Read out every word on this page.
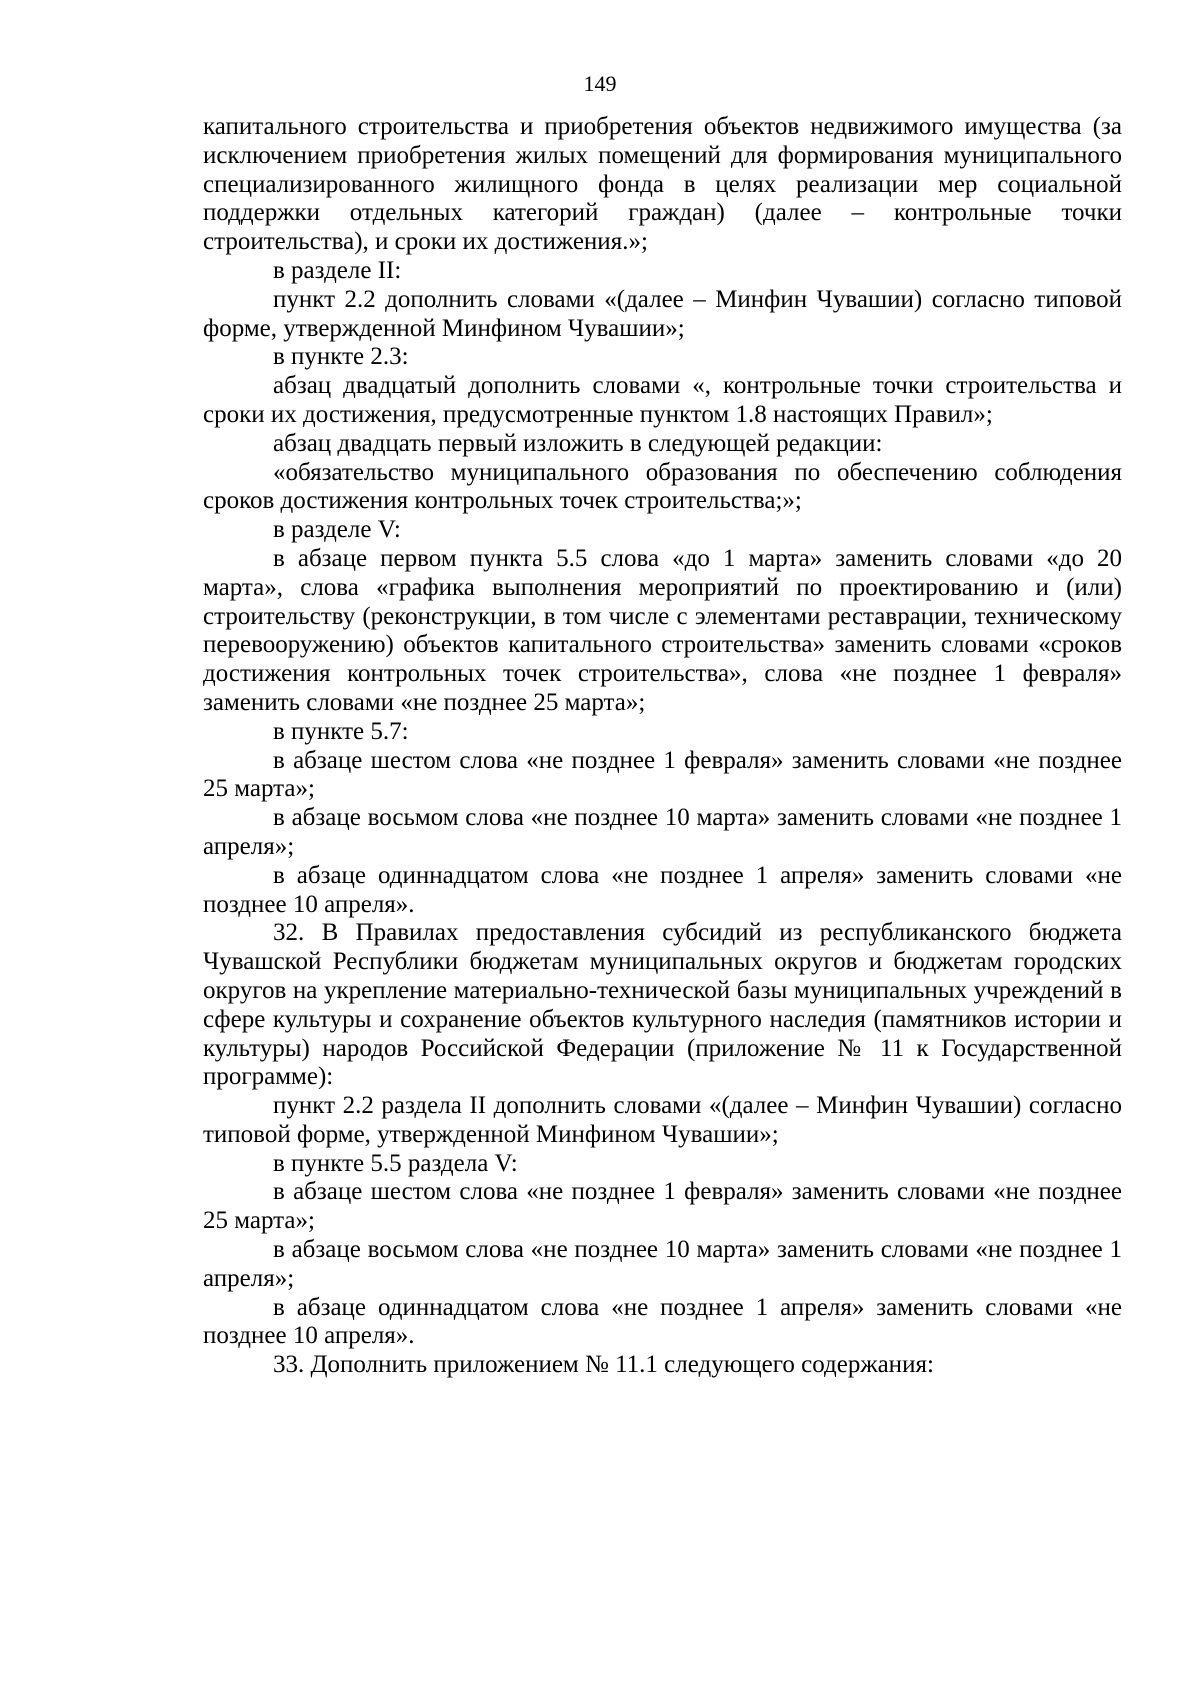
149

капитального строительства и приобретения объектов недвижимого имущества (за исключением приобретения жилых помещений для формирования муниципального специализированного жилищного фонда в целях реализации мер социальной поддержки отдельных категорий граждан) (далее – контрольные точки строительства), и сроки их достижения.»;

в разделе II:

пункт 2.2 дополнить словами «(далее – Минфин Чувашии) согласно типовой форме, утвержденной Минфином Чувашии»;

в пункте 2.3:

абзац двадцатый дополнить словами «, контрольные точки строительства и сроки их достижения, предусмотренные пунктом 1.8 настоящих Правил»;

абзац двадцать первый изложить в следующей редакции:

«обязательство муниципального образования по обеспечению соблюдения сроков достижения контрольных точек строительства;»;

в разделе V:

в абзаце первом пункта 5.5 слова «до 1 марта» заменить словами «до 20 марта», слова «графика выполнения мероприятий по проектированию и (или) строительству (реконструкции, в том числе с элементами реставрации, техническому перевооружению) объектов капитального строительства» заменить словами «сроков достижения контрольных точек строительства», слова «не позднее 1 февраля» заменить словами «не позднее 25 марта»;

в пункте 5.7:

в абзаце шестом слова «не позднее 1 февраля» заменить словами «не позднее 25 марта»;

в абзаце восьмом слова «не позднее 10 марта» заменить словами «не позднее 1 апреля»;

в абзаце одиннадцатом слова «не позднее 1 апреля» заменить словами «не позднее 10 апреля».

32. В Правилах предоставления субсидий из республиканского бюджета Чувашской Республики бюджетам муниципальных округов и бюджетам городских округов на укрепление материально-технической базы муниципальных учреждений в сфере культуры и сохранение объектов культурного наследия (памятников истории и культуры) народов Российской Федерации (приложение № 11 к Государственной программе):

пункт 2.2 раздела II дополнить словами «(далее – Минфин Чувашии) согласно типовой форме, утвержденной Минфином Чувашии»;

в пункте 5.5 раздела V:

в абзаце шестом слова «не позднее 1 февраля» заменить словами «не позднее 25 марта»;

в абзаце восьмом слова «не позднее 10 марта» заменить словами «не позднее 1 апреля»;

в абзаце одиннадцатом слова «не позднее 1 апреля» заменить словами «не позднее 10 апреля».

33. Дополнить приложением № 11.1 следующего содержания:
